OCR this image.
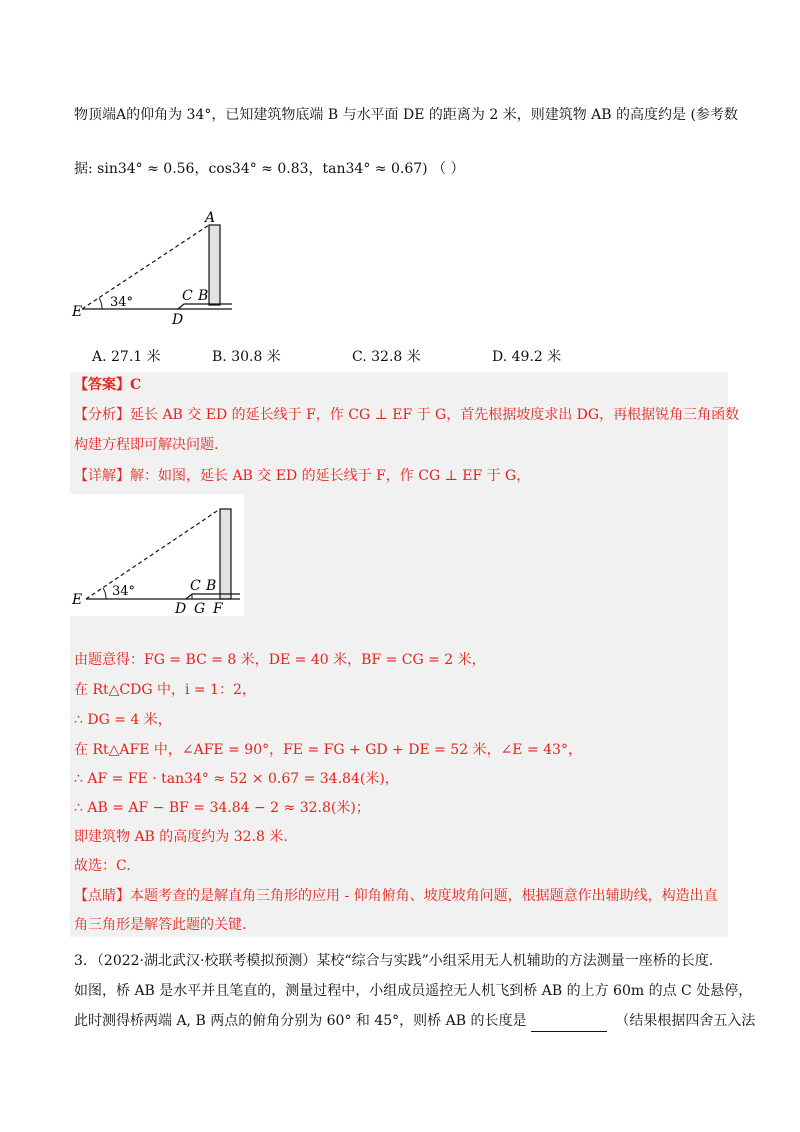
物顶端A的仰角为 34°，已知建筑物底端 B 与水平面 DE 的距离为 2 米，则建筑物 AB 的高度约是 (参考数
据: sin34° ≈ 0.56，cos34° ≈ 0.83，tan34° ≈ 0.67) （ ）
A
34°	C B
E	D
A. 27.1 米	B. 30.8 米	C. 32.8 米	D. 49.2 米
【答案】C
【分析】延长 AB 交 ED 的延长线于 F，作 CG ⊥ EF 于 G，首先根据坡度求出 DG，再根据锐角三角函数
构建方程即可解决问题.
【详解】解：如图，延长 AB 交 ED 的延长线于 F，作 CG ⊥ EF 于 G，
34°	C B
E
D G F
由题意得：FG = BC = 8 米，DE = 40 米，BF = CG = 2 米，
在 Rt△CDG 中，i = 1：2，
∴ DG = 4 米，
在 Rt△AFE 中，∠AFE = 90°，FE = FG + GD + DE = 52 米，∠E = 43°，
∴ AF = FE · tan34° ≈ 52 × 0.67 = 34.84(米)，
∴ AB = AF − BF = 34.84 − 2 ≈ 32.8(米)；
即建筑物 AB 的高度约为 32.8 米.
故选：C.
【点睛】本题考查的是解直角三角形的应用 - 仰角俯角、坡度坡角问题，根据题意作出辅助线，构造出直
角三角形是解答此题的关键.
3．（2022·湖北武汉·校联考模拟预测）某校“综合与实践”小组采用无人机辅助的方法测量一座桥的长度.
如图，桥 AB 是水平并且笔直的，测量过程中，小组成员遥控无人机飞到桥 AB 的上方 60m 的点 C 处悬停，
此时测得桥两端 A, B 两点的俯角分别为 60° 和 45°，则桥 AB 的长度是	（结果根据四舍五入法
